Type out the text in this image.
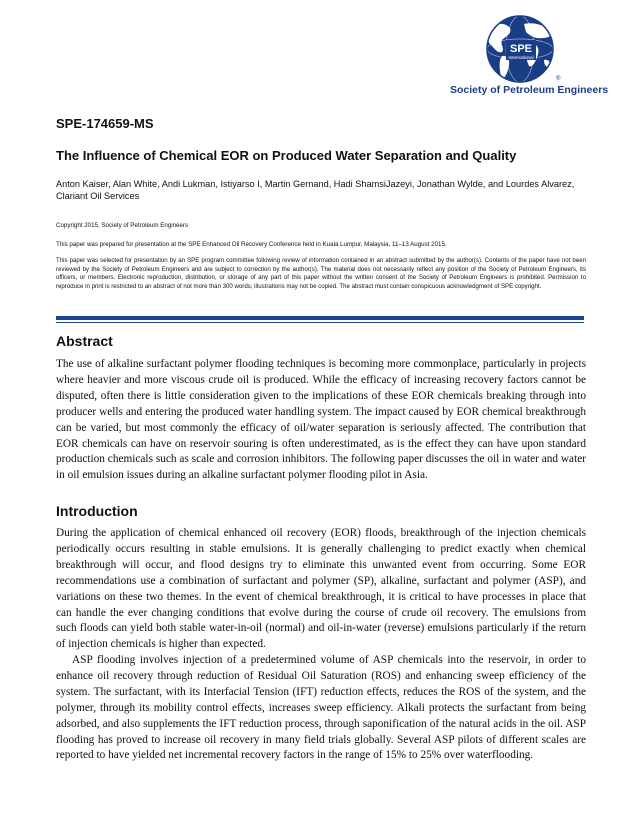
SPE
International
®
Society of Petroleum Engineers
SPE-174659-MS
The Influence of Chemical EOR on Produced Water Separation and Quality
Anton Kaiser, Alan White, Andi Lukman, Istiyarso I, Martin Gernand, Hadi ShamsiJazeyi, Jonathan Wylde, and Lourdes Alvarez, Clariant Oil Services
Copyright 2015, Society of Petroleum Engineers
This paper was prepared for presentation at the SPE Enhanced Oil Recovery Conference held in Kuala Lumpur, Malaysia, 11–13 August 2015.
This paper was selected for presentation by an SPE program committee following review of information contained in an abstract submitted by the author(s). Contents of the paper have not been reviewed by the Society of Petroleum Engineers and are subject to correction by the author(s). The material does not necessarily reflect any position of the Society of Petroleum Engineers, its officers, or members. Electronic reproduction, distribution, or storage of any part of this paper without the written consent of the Society of Petroleum Engineers is prohibited. Permission to reproduce in print is restricted to an abstract of not more than 300 words; illustrations may not be copied. The abstract must contain conspicuous acknowledgment of SPE copyright.
Abstract

The use of alkaline surfactant polymer flooding techniques is becoming more commonplace, particularly in projects where heavier and more viscous crude oil is produced. While the efficacy of increasing recovery factors cannot be disputed, often there is little consideration given to the implications of these EOR chemicals breaking through into producer wells and entering the produced water handling system. The impact caused by EOR chemical breakthrough can be varied, but most commonly the efficacy of oil/water separation is seriously affected. The contribution that EOR chemicals can have on reservoir souring is often underestimated, as is the effect they can have upon standard production chemicals such as scale and corrosion inhibitors. The following paper discusses the oil in water and water in oil emulsion issues during an alkaline surfactant polymer flooding pilot in Asia.

Introduction

During the application of chemical enhanced oil recovery (EOR) floods, breakthrough of the injection chemicals periodically occurs resulting in stable emulsions. It is generally challenging to predict exactly when chemical breakthrough will occur, and flood designs try to eliminate this unwanted event from occurring. Some EOR recommendations use a combination of surfactant and polymer (SP), alkaline, surfactant and polymer (ASP), and variations on these two themes. In the event of chemical breakthrough, it is critical to have processes in place that can handle the ever changing conditions that evolve during the course of crude oil recovery. The emulsions from such floods can yield both stable water-in-oil (normal) and oil-in-water (reverse) emulsions particularly if the return of injection chemicals is higher than expected.

ASP flooding involves injection of a predetermined volume of ASP chemicals into the reservoir, in order to enhance oil recovery through reduction of Residual Oil Saturation (ROS) and enhancing sweep efficiency of the system. The surfactant, with its Interfacial Tension (IFT) reduction effects, reduces the ROS of the system, and the polymer, through its mobility control effects, increases sweep efficiency. Alkali protects the surfactant from being adsorbed, and also supplements the IFT reduction process, through saponification of the natural acids in the oil. ASP flooding has proved to increase oil recovery in many field trials globally. Several ASP pilots of different scales are reported to have yielded net incremental recovery factors in the range of 15% to 25% over waterflooding.
